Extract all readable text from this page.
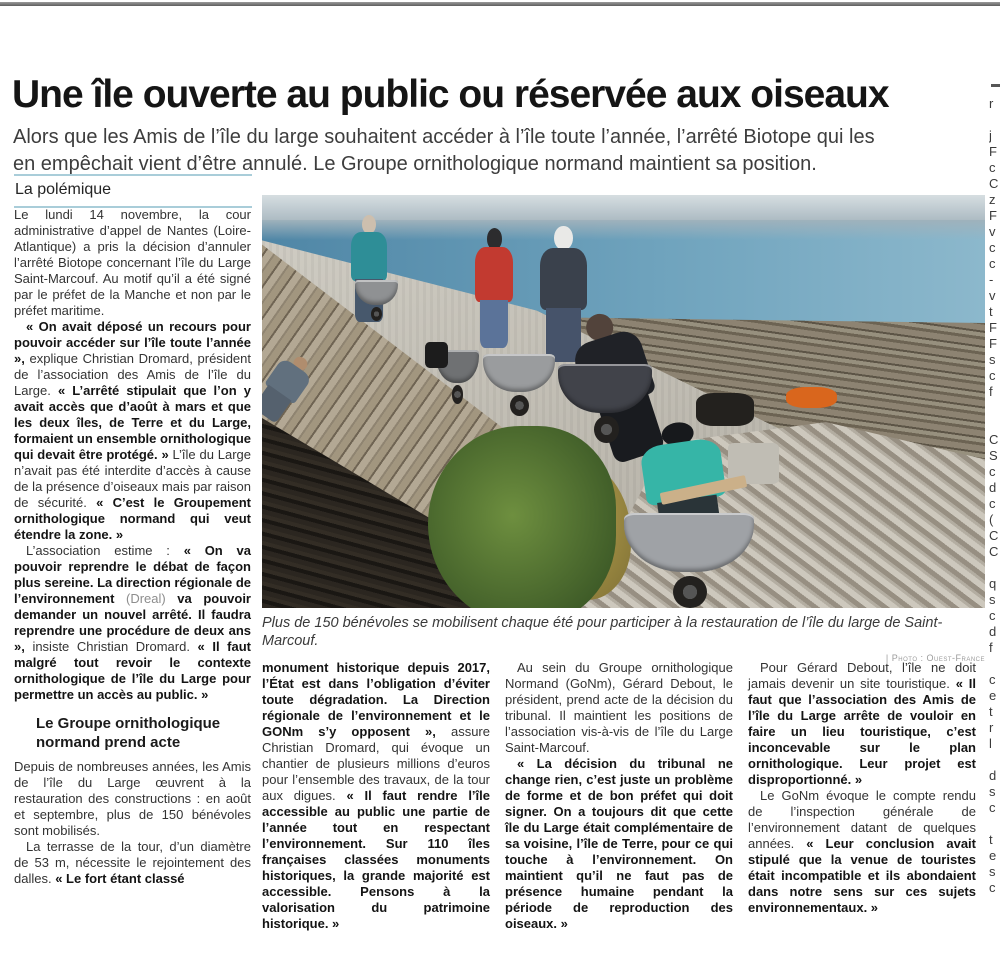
Une île ouverte au public ou réservée aux oiseaux

Alors que les Amis de l’île du large souhaitent accéder à l’île toute l’année, l’arrêté Biotope qui les en empêchait vient d’être annulé. Le Groupe ornithologique normand maintient sa position.

La polémique

Le lundi 14 novembre, la cour administrative d’appel de Nantes (Loire-Atlantique) a pris la décision d’annuler l’arrêté Biotope concernant l’île du Large Saint-Marcouf. Au motif qu’il a été signé par le préfet de la Manche et non par le préfet maritime.

« On avait déposé un recours pour pouvoir accéder sur l’île toute l’année », explique Christian Dromard, président de l’association des Amis de l’île du Large. « L’arrêté stipulait que l’on y avait accès que d’août à mars et que les deux îles, de Terre et du Large, formaient un ensemble ornithologique qui devait être protégé. » L’île du Large n’avait pas été interdite d’accès à cause de la présence d’oiseaux mais par raison de sécurité. « C’est le Groupement ornithologique normand qui veut étendre la zone. »

L’association estime : « On va pouvoir reprendre le débat de façon plus sereine. La direction régionale de l’environnement (Dreal) va pouvoir demander un nouvel arrêté. Il faudra reprendre une procédure de deux ans », insiste Christian Dromard. « Il faut malgré tout revoir le contexte ornithologique de l’île du Large pour permettre un accès au public. »

Le Groupe ornithologique
normand prend acte

Depuis de nombreuses années, les Amis de l’île du Large œuvrent à la restauration des constructions : en août et septembre, plus de 150 bénévoles sont mobilisés.

La terrasse de la tour, d’un diamètre de 53 m, nécessite le rejointement des dalles. « Le fort étant classé

Plus de 150 bénévoles se mobilisent chaque été pour participer à la restauration de l’île du large de Saint-Marcouf.

| Photo : Ouest-France

monument historique depuis 2017, l’État est dans l’obligation d’éviter toute dégradation. La Direction régionale de l’environnement et le GONm s’y opposent », assure Christian Dromard, qui évoque un chantier de plusieurs millions d’euros pour l’ensemble des travaux, de la tour aux digues. « Il faut rendre l’île accessible au public une partie de l’année tout en respectant l’environnement. Sur 110 îles françaises classées monuments historiques, la grande majorité est accessible. Pensons à la valorisation du patrimoine historique. »

Au sein du Groupe ornithologique Normand (GoNm), Gérard Debout, le président, prend acte de la décision du tribunal. Il maintient les positions de l’association vis-à-vis de l’île du Large Saint-Marcouf.

« La décision du tribunal ne change rien, c’est juste un problème de forme et de bon préfet qui doit signer. On a toujours dit que cette île du Large était complémentaire de sa voisine, l’île de Terre, pour ce qui touche à l’environnement. On maintient qu’il ne faut pas de présence humaine pendant la période de reproduction des oiseaux. »

Pour Gérard Debout, l’île ne doit jamais devenir un site touristique. « Il faut que l’association des Amis de l’île du Large arrête de vouloir en faire un lieu touristique, c’est inconcevable sur le plan ornithologique. Leur projet est disproportionné. »

Le GoNm évoque le compte rendu de l’inspection générale de l’environnement datant de quelques années. « Leur conclusion avait stipulé que la venue de touristes était incompatible et ils abondaient dans notre sens sur ces sujets environnementaux. »

r
j
F
c
C
z
F
v
c
c
-
v
t
F
F
s
c
f
C
S
c
d
c
(
C
C
q
s
c
d
f
c
e
t
r
l
d
s
c
t
e
s
c
